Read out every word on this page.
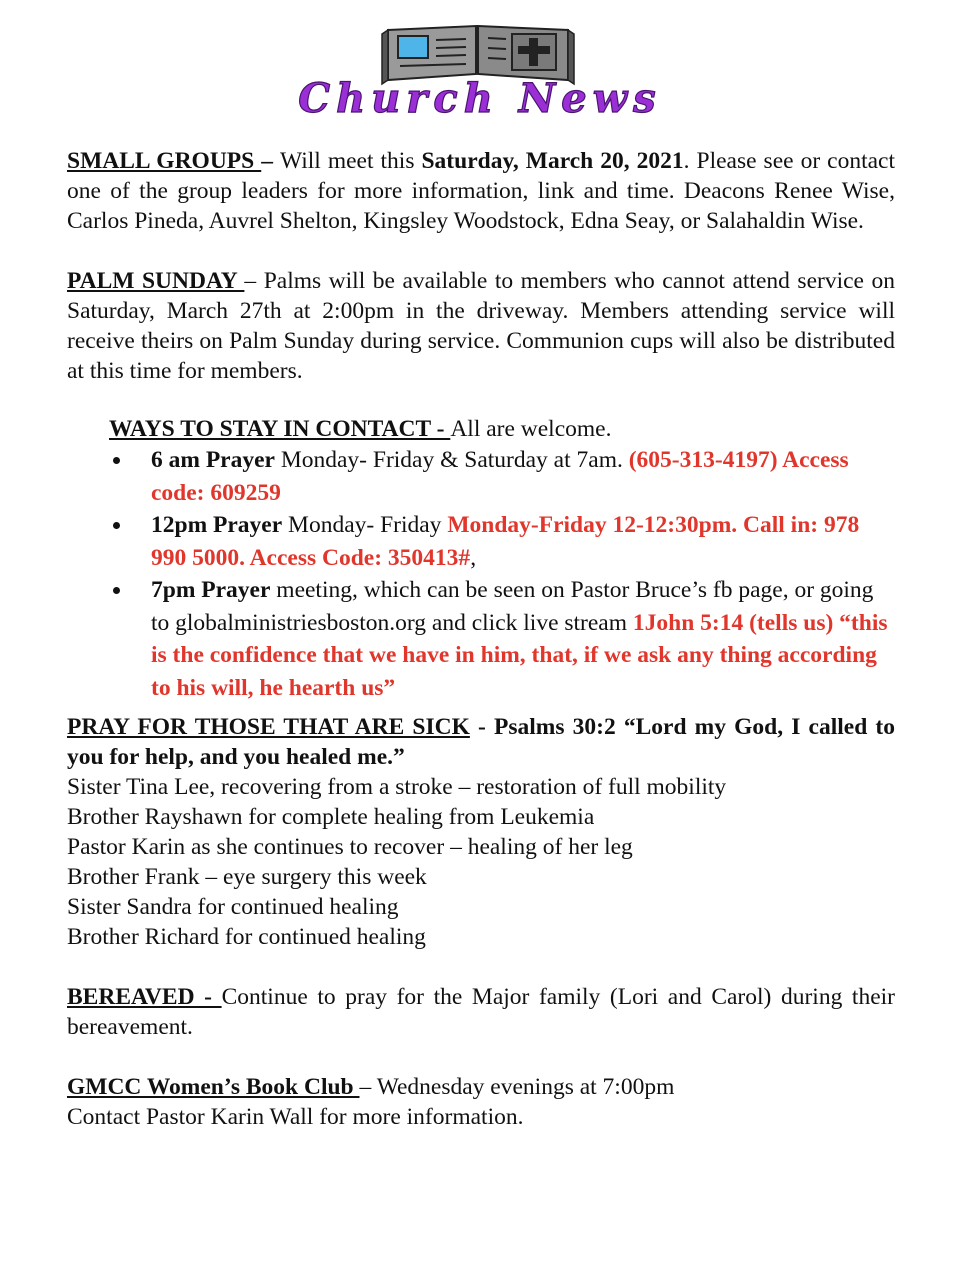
Church News

SMALL GROUPS – Will meet this Saturday, March 20, 2021. Please see or contact one of the group leaders for more information, link and time. Deacons Renee Wise, Carlos Pineda, Auvrel Shelton, Kingsley Woodstock, Edna Seay, or Salahaldin Wise.

PALM SUNDAY – Palms will be available to members who cannot attend service on Saturday, March 27th at 2:00pm in the driveway. Members attending service will receive theirs on Palm Sunday during service. Communion cups will also be distributed at this time for members.

WAYS TO STAY IN CONTACT - All are welcome.

6 am Prayer Monday- Friday & Saturday at 7am. (605-313-4197) Access code: 609259
12pm Prayer Monday- Friday Monday-Friday 12-12:30pm. Call in: 978 990 5000. Access Code: 350413#,
7pm Prayer meeting, which can be seen on Pastor Bruce’s fb page, or going to globalministriesboston.org and click live stream 1John 5:14 (tells us) “this is the confidence that we have in him, that, if we ask any thing according to his will, he hearth us”

PRAY FOR THOSE THAT ARE SICK - Psalms 30:2 “Lord my God, I called to you for help, and you healed me.”

Sister Tina Lee, recovering from a stroke – restoration of full mobility
Brother Rayshawn for complete healing from Leukemia
Pastor Karin as she continues to recover – healing of her leg
Brother Frank – eye surgery this week
Sister Sandra for continued healing
Brother Richard for continued healing

BEREAVED - Continue to pray for the Major family (Lori and Carol) during their bereavement.

GMCC Women’s Book Club – Wednesday evenings at 7:00pm

Contact Pastor Karin Wall for more information.
